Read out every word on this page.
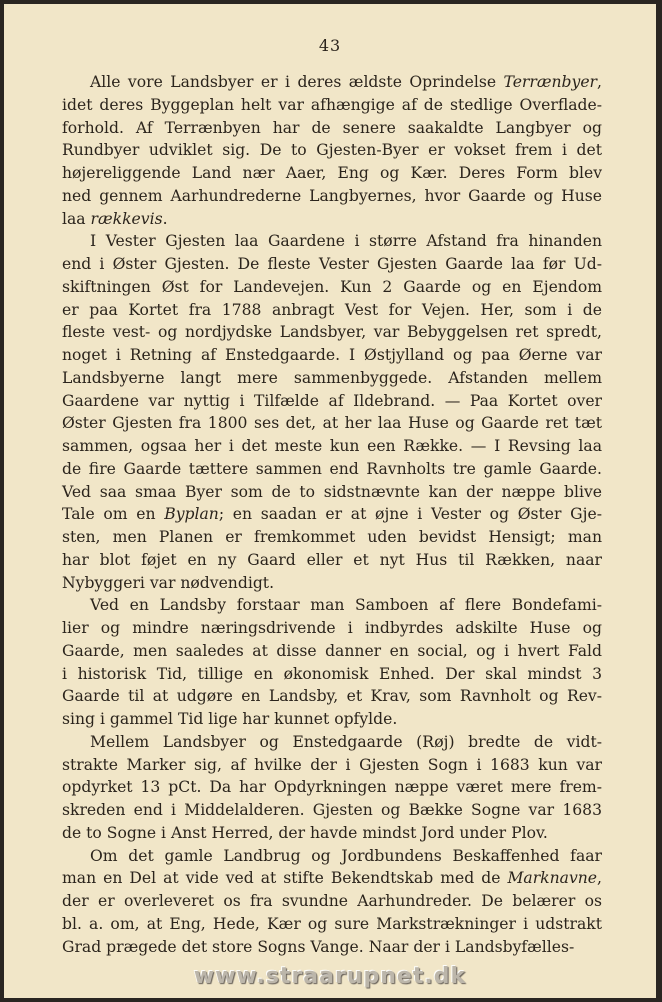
43
Alle vore Landsbyer er i deres ældste Oprindelse Terrænbyer,
idet deres Byggeplan helt var afhængige af de stedlige Overflade-
forhold. Af Terrænbyen har de senere saakaldte Langbyer og
Rundbyer udviklet sig. De to Gjesten-Byer er vokset frem i det
højereliggende Land nær Aaer, Eng og Kær. Deres Form blev
ned gennem Aarhundrederne Langbyernes, hvor Gaarde og Huse
laa rækkevis.
I Vester Gjesten laa Gaardene i større Afstand fra hinanden
end i Øster Gjesten. De fleste Vester Gjesten Gaarde laa før Ud-
skiftningen Øst for Landevejen. Kun 2 Gaarde og en Ejendom
er paa Kortet fra 1788 anbragt Vest for Vejen. Her, som i de
fleste vest- og nordjydske Landsbyer, var Bebyggelsen ret spredt,
noget i Retning af Enstedgaarde. I Østjylland og paa Øerne var
Landsbyerne langt mere sammenbyggede. Afstanden mellem
Gaardene var nyttig i Tilfælde af Ildebrand. — Paa Kortet over
Øster Gjesten fra 1800 ses det, at her laa Huse og Gaarde ret tæt
sammen, ogsaa her i det meste kun een Række. — I Revsing laa
de fire Gaarde tættere sammen end Ravnholts tre gamle Gaarde.
Ved saa smaa Byer som de to sidstnævnte kan der næppe blive
Tale om en Byplan; en saadan er at øjne i Vester og Øster Gje-
sten, men Planen er fremkommet uden bevidst Hensigt; man
har blot føjet en ny Gaard eller et nyt Hus til Rækken, naar
Nybyggeri var nødvendigt.
Ved en Landsby forstaar man Samboen af flere Bondefami-
lier og mindre næringsdrivende i indbyrdes adskilte Huse og
Gaarde, men saaledes at disse danner en social, og i hvert Fald
i historisk Tid, tillige en økonomisk Enhed. Der skal mindst 3
Gaarde til at udgøre en Landsby, et Krav, som Ravnholt og Rev-
sing i gammel Tid lige har kunnet opfylde.
Mellem Landsbyer og Enstedgaarde (Røj) bredte de vidt-
strakte Marker sig, af hvilke der i Gjesten Sogn i 1683 kun var
opdyrket 13 pCt. Da har Opdyrkningen næppe været mere frem-
skreden end i Middelalderen. Gjesten og Bække Sogne var 1683
de to Sogne i Anst Herred, der havde mindst Jord under Plov.
Om det gamle Landbrug og Jordbundens Beskaffenhed faar
man en Del at vide ved at stifte Bekendtskab med de Marknavne,
der er overleveret os fra svundne Aarhundreder. De belærer os
bl. a. om, at Eng, Hede, Kær og sure Markstrækninger i udstrakt
Grad prægede det store Sogns Vange. Naar der i Landsbyfælles-
www.straarupnet.dk
